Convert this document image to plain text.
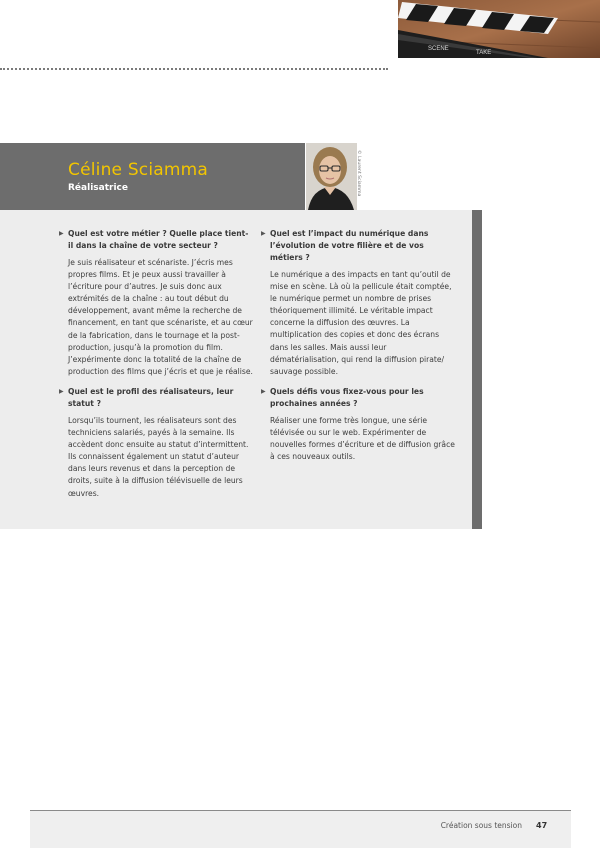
SCENE
TAKE
Céline Sciamma

Réalisatrice	© Laurent Sciamma

▶ Quel est votre métier ? Quelle place tient-il dans la chaîne de votre secteur ?

Je suis réalisateur et scénariste. J’écris mes propres films. Et je peux aussi travailler à l’écriture pour d’autres. Je suis donc aux extrémités de la chaîne : au tout début du développement, avant même la recherche de financement, en tant que scénariste, et au cœur de la fabrication, dans le tournage et la post-production, jusqu’à la promotion du film. J’expérimente donc la totalité de la chaîne de production des films que j’écris et que je réalise.

▶ Quel est le profil des réalisateurs, leur statut ?

Lorsqu’ils tournent, les réalisateurs sont des techniciens salariés, payés à la semaine. Ils accèdent donc ensuite au statut d’intermittent. Ils connaissent également un statut d’auteur dans leurs revenus et dans la perception de droits, suite à la diffusion télévisuelle de leurs œuvres.

▶ Quel est l’impact du numérique dans l’évolution de votre filière et de vos métiers ?

Le numérique a des impacts en tant qu’outil de mise en scène. Là où la pellicule était comptée, le numérique permet un nombre de prises théoriquement illimité. Le véritable impact concerne la diffusion des œuvres. La multiplication des copies et donc des écrans dans les salles. Mais aussi leur dématérialisation, qui rend la diffusion pirate/ sauvage possible.

▶ Quels défis vous fixez-vous pour les prochaines années ?

Réaliser une forme très longue, une série télévisée ou sur le web. Expérimenter de nouvelles formes d’écriture et de diffusion grâce à ces nouveaux outils.

Création sous tension 47
